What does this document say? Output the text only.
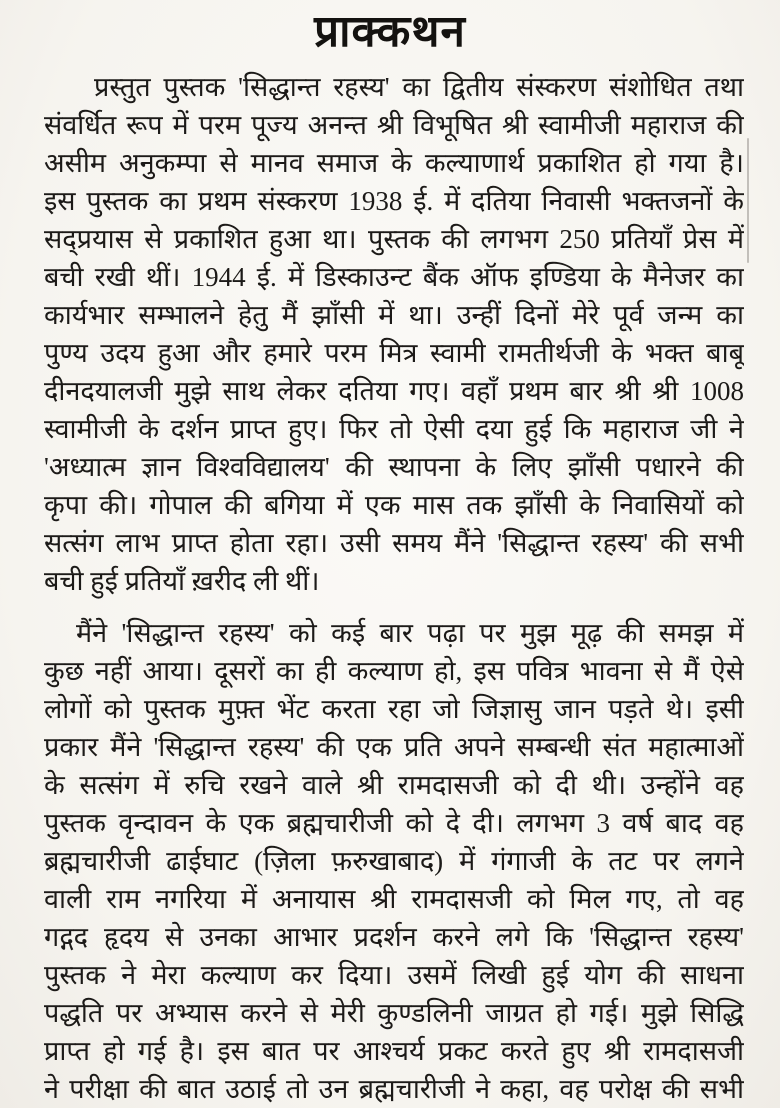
प्राक्कथन
प्रस्तुत पुस्तक 'सिद्धान्त रहस्य' का द्वितीय संस्करण संशोधित तथा
संवर्धित रूप में परम पूज्य अनन्त श्री विभूषित श्री स्वामीजी महाराज की
असीम अनुकम्पा से मानव समाज के कल्याणार्थ प्रकाशित हो गया है।
इस पुस्तक का प्रथम संस्करण 1938 ई. में दतिया निवासी भक्तजनों के
सद्प्रयास से प्रकाशित हुआ था। पुस्तक की लगभग 250 प्रतियाँ प्रेस में
बची रखी थीं। 1944 ई. में डिस्काउन्ट बैंक ऑफ इण्डिया के मैनेजर का
कार्यभार सम्भालने हेतु मैं झाँसी में था। उन्हीं दिनों मेरे पूर्व जन्म का
पुण्य उदय हुआ और हमारे परम मित्र स्वामी रामतीर्थजी के भक्त बाबू
दीनदयालजी मुझे साथ लेकर दतिया गए। वहाँ प्रथम बार श्री श्री 1008
स्वामीजी के दर्शन प्राप्त हुए। फिर तो ऐसी दया हुई कि महाराज जी ने
'अध्यात्म ज्ञान विश्वविद्यालय' की स्थापना के लिए झाँसी पधारने की
कृपा की। गोपाल की बगिया में एक मास तक झाँसी के निवासियों को
सत्संग लाभ प्राप्त होता रहा। उसी समय मैंने 'सिद्धान्त रहस्य' की सभी
बची हुई प्रतियाँ ख़रीद ली थीं।
मैंने 'सिद्धान्त रहस्य' को कई बार पढ़ा पर मुझ मूढ़ की समझ में
कुछ नहीं आया। दूसरों का ही कल्याण हो, इस पवित्र भावना से मैं ऐसे
लोगों को पुस्तक मुफ़्त भेंट करता रहा जो जिज्ञासु जान पड़ते थे। इसी
प्रकार मैंने 'सिद्धान्त रहस्य' की एक प्रति अपने सम्बन्धी संत महात्माओं
के सत्संग में रुचि रखने वाले श्री रामदासजी को दी थी। उन्होंने वह
पुस्तक वृन्दावन के एक ब्रह्मचारीजी को दे दी। लगभग 3 वर्ष बाद वह
ब्रह्मचारीजी ढाईघाट (ज़िला फ़रुखाबाद) में गंगाजी के तट पर लगने
वाली राम नगरिया में अनायास श्री रामदासजी को मिल गए, तो वह
गद्गद हृदय से उनका आभार प्रदर्शन करने लगे कि 'सिद्धान्त रहस्य'
पुस्तक ने मेरा कल्याण कर दिया। उसमें लिखी हुई योग की साधना
पद्धति पर अभ्यास करने से मेरी कुण्डलिनी जाग्रत हो गई। मुझे सिद्धि
प्राप्त हो गई है। इस बात पर आश्चर्य प्रकट करते हुए श्री रामदासजी
ने परीक्षा की बात उठाई तो उन ब्रह्मचारीजी ने कहा, वह परोक्ष की सभी
